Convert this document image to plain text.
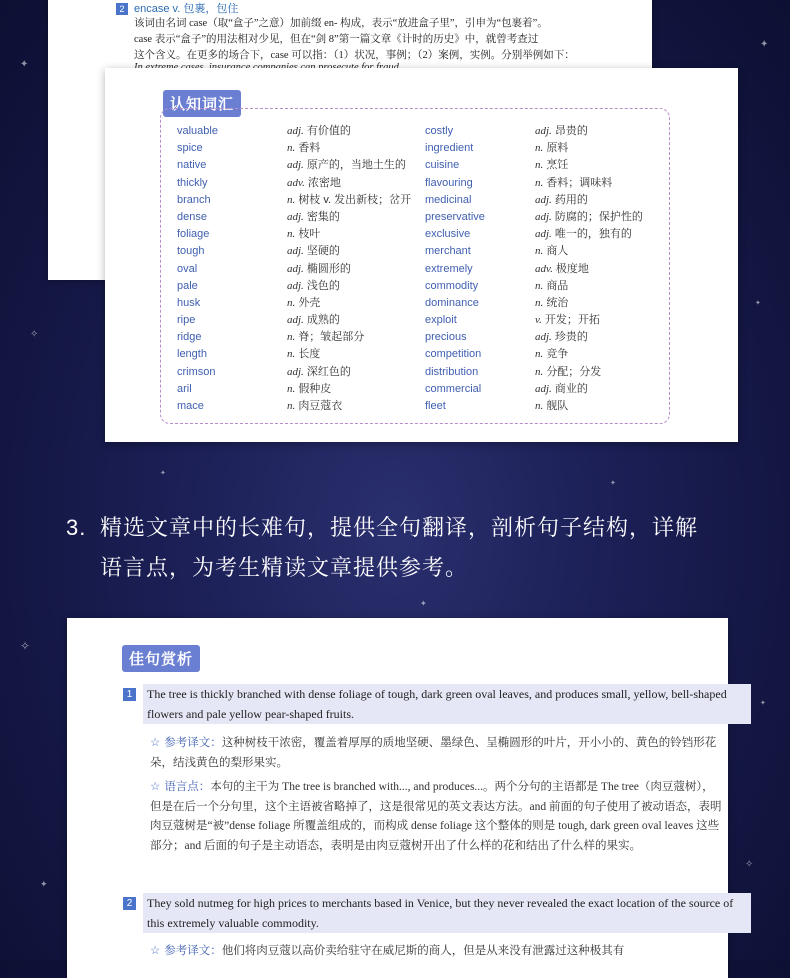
✦
✦
✧
✦
✦
✦
✧
✦
✦
✧
✦
2 encase v. 包裹，包住
该词由名词 case（取“盒子”之意）加前缀 en- 构成，表示“放进盒子里”，引申为“包裹着”。
case 表示“盒子”的用法相对少见，但在“剑 8”第一篇文章《计时的历史》中，就曾考查过
这个含义。在更多的场合下，case 可以指：（1）状况，事例；（2）案例，实例。分别举例如下：
认知词汇
valuable
spice
native
thickly
branch
dense
foliage
tough
oval
pale
husk
ripe
ridge
length
crimson
aril
mace
adj. 有价值的
n. 香料
adj. 原产的，当地土生的
adv. 浓密地
n. 树枝 v. 发出新枝；岔开
adj. 密集的
n. 枝叶
adj. 坚硬的
adj. 椭圆形的
adj. 浅色的
n. 外壳
adj. 成熟的
n. 脊；皱起部分
n. 长度
adj. 深红色的
n. 假种皮
n. 肉豆蔻衣
costly
ingredient
cuisine
flavouring
medicinal
preservative
exclusive
merchant
extremely
commodity
dominance
exploit
precious
competition
distribution
commercial
fleet
adj. 昂贵的
n. 原料
n. 烹饪
n. 香料；调味料
adj. 药用的
adj. 防腐的；保护性的
adj. 唯一的，独有的
n. 商人
adv. 极度地
n. 商品
n. 统治
v. 开发；开拓
adj. 珍贵的
n. 竞争
n. 分配；分发
adj. 商业的
n. 舰队
3. 精选文章中的长难句，提供全句翻译，剖析句子结构，详解
语言点，为考生精读文章提供参考。
佳句赏析
1	The tree is thickly branched with dense foliage of tough, dark green oval leaves, and produces small, yellow, bell-shaped flowers and pale yellow pear-shaped fruits.
☆ 参考译文：这种树枝干浓密，覆盖着厚厚的质地坚硬、墨绿色、呈椭圆形的叶片，开小小的、黄色的铃铛形花朵，结浅黄色的梨形果实。
☆ 语言点：本句的主干为 The tree is branched with..., and produces...。两个分句的主语都是 The tree（肉豆蔻树），但是在后一个分句里，这个主语被省略掉了，这是很常见的英文表达方法。and 前面的句子使用了被动语态，表明肉豆蔻树是“被”dense foliage 所覆盖组成的，而构成 dense foliage 这个整体的则是 tough, dark green oval leaves 这些部分；and 后面的句子是主动语态，表明是由肉豆蔻树开出了什么样的花和结出了什么样的果实。
2	They sold nutmeg for high prices to merchants based in Venice, but they never revealed the exact location of the source of this extremely valuable commodity.
☆ 参考译文：他们将肉豆蔻以高价卖给驻守在威尼斯的商人，但是从来没有泄露过这种极其有
